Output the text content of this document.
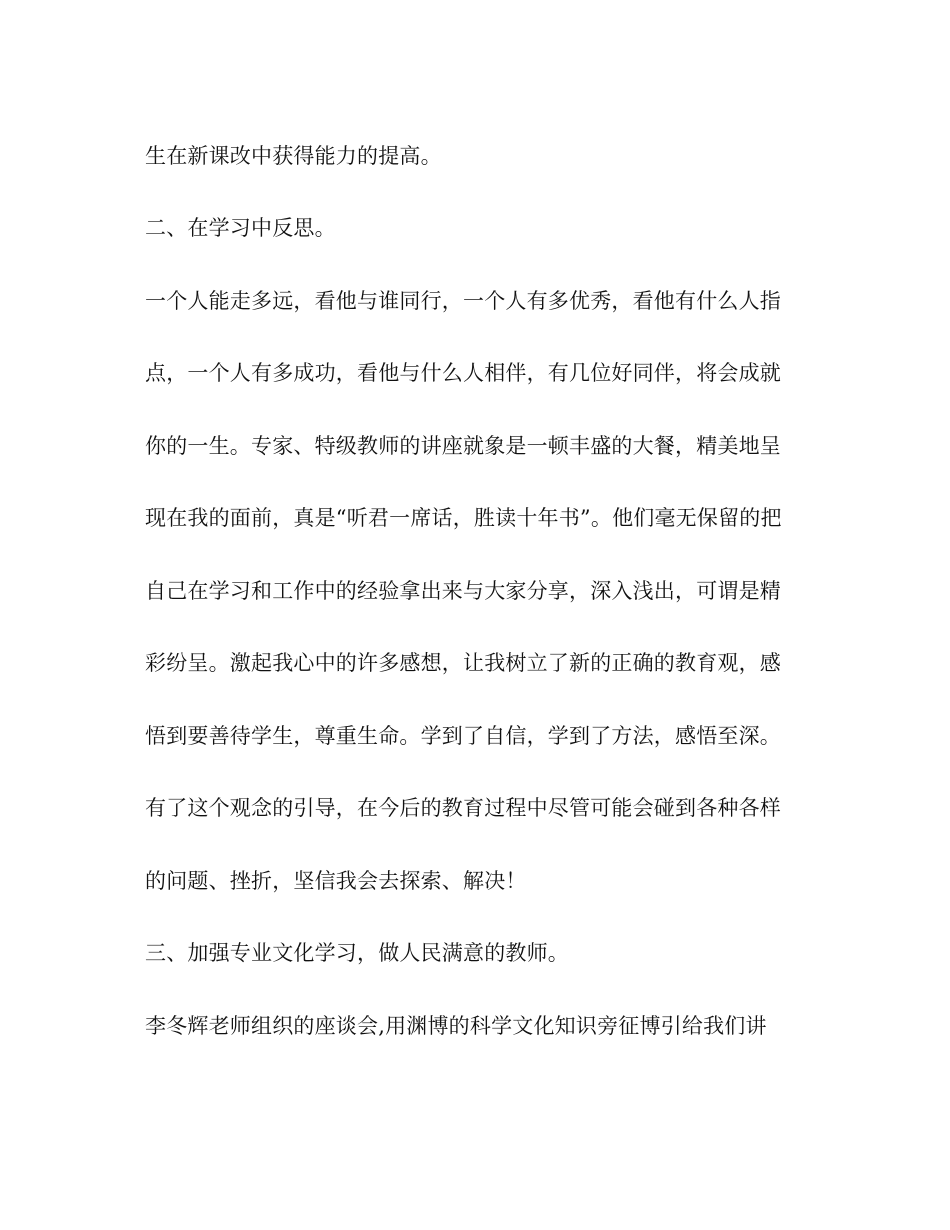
生在新课改中获得能力的提高。
二、在学习中反思。
一个人能走多远，看他与谁同行，一个人有多优秀，看他有什么人指
点，一个人有多成功，看他与什么人相伴，有几位好同伴，将会成就
你的一生。专家、特级教师的讲座就象是一顿丰盛的大餐，精美地呈
现在我的面前，真是“听君一席话，胜读十年书”。他们毫无保留的把
自己在学习和工作中的经验拿出来与大家分享，深入浅出，可谓是精
彩纷呈。激起我心中的许多感想，让我树立了新的正确的教育观，感
悟到要善待学生，尊重生命。学到了自信，学到了方法，感悟至深。
有了这个观念的引导，在今后的教育过程中尽管可能会碰到各种各样
的问题、挫折，坚信我会去探索、解决！
三、加强专业文化学习，做人民满意的教师。
李冬辉老师组织的座谈会,用渊博的科学文化知识旁征博引给我们讲
